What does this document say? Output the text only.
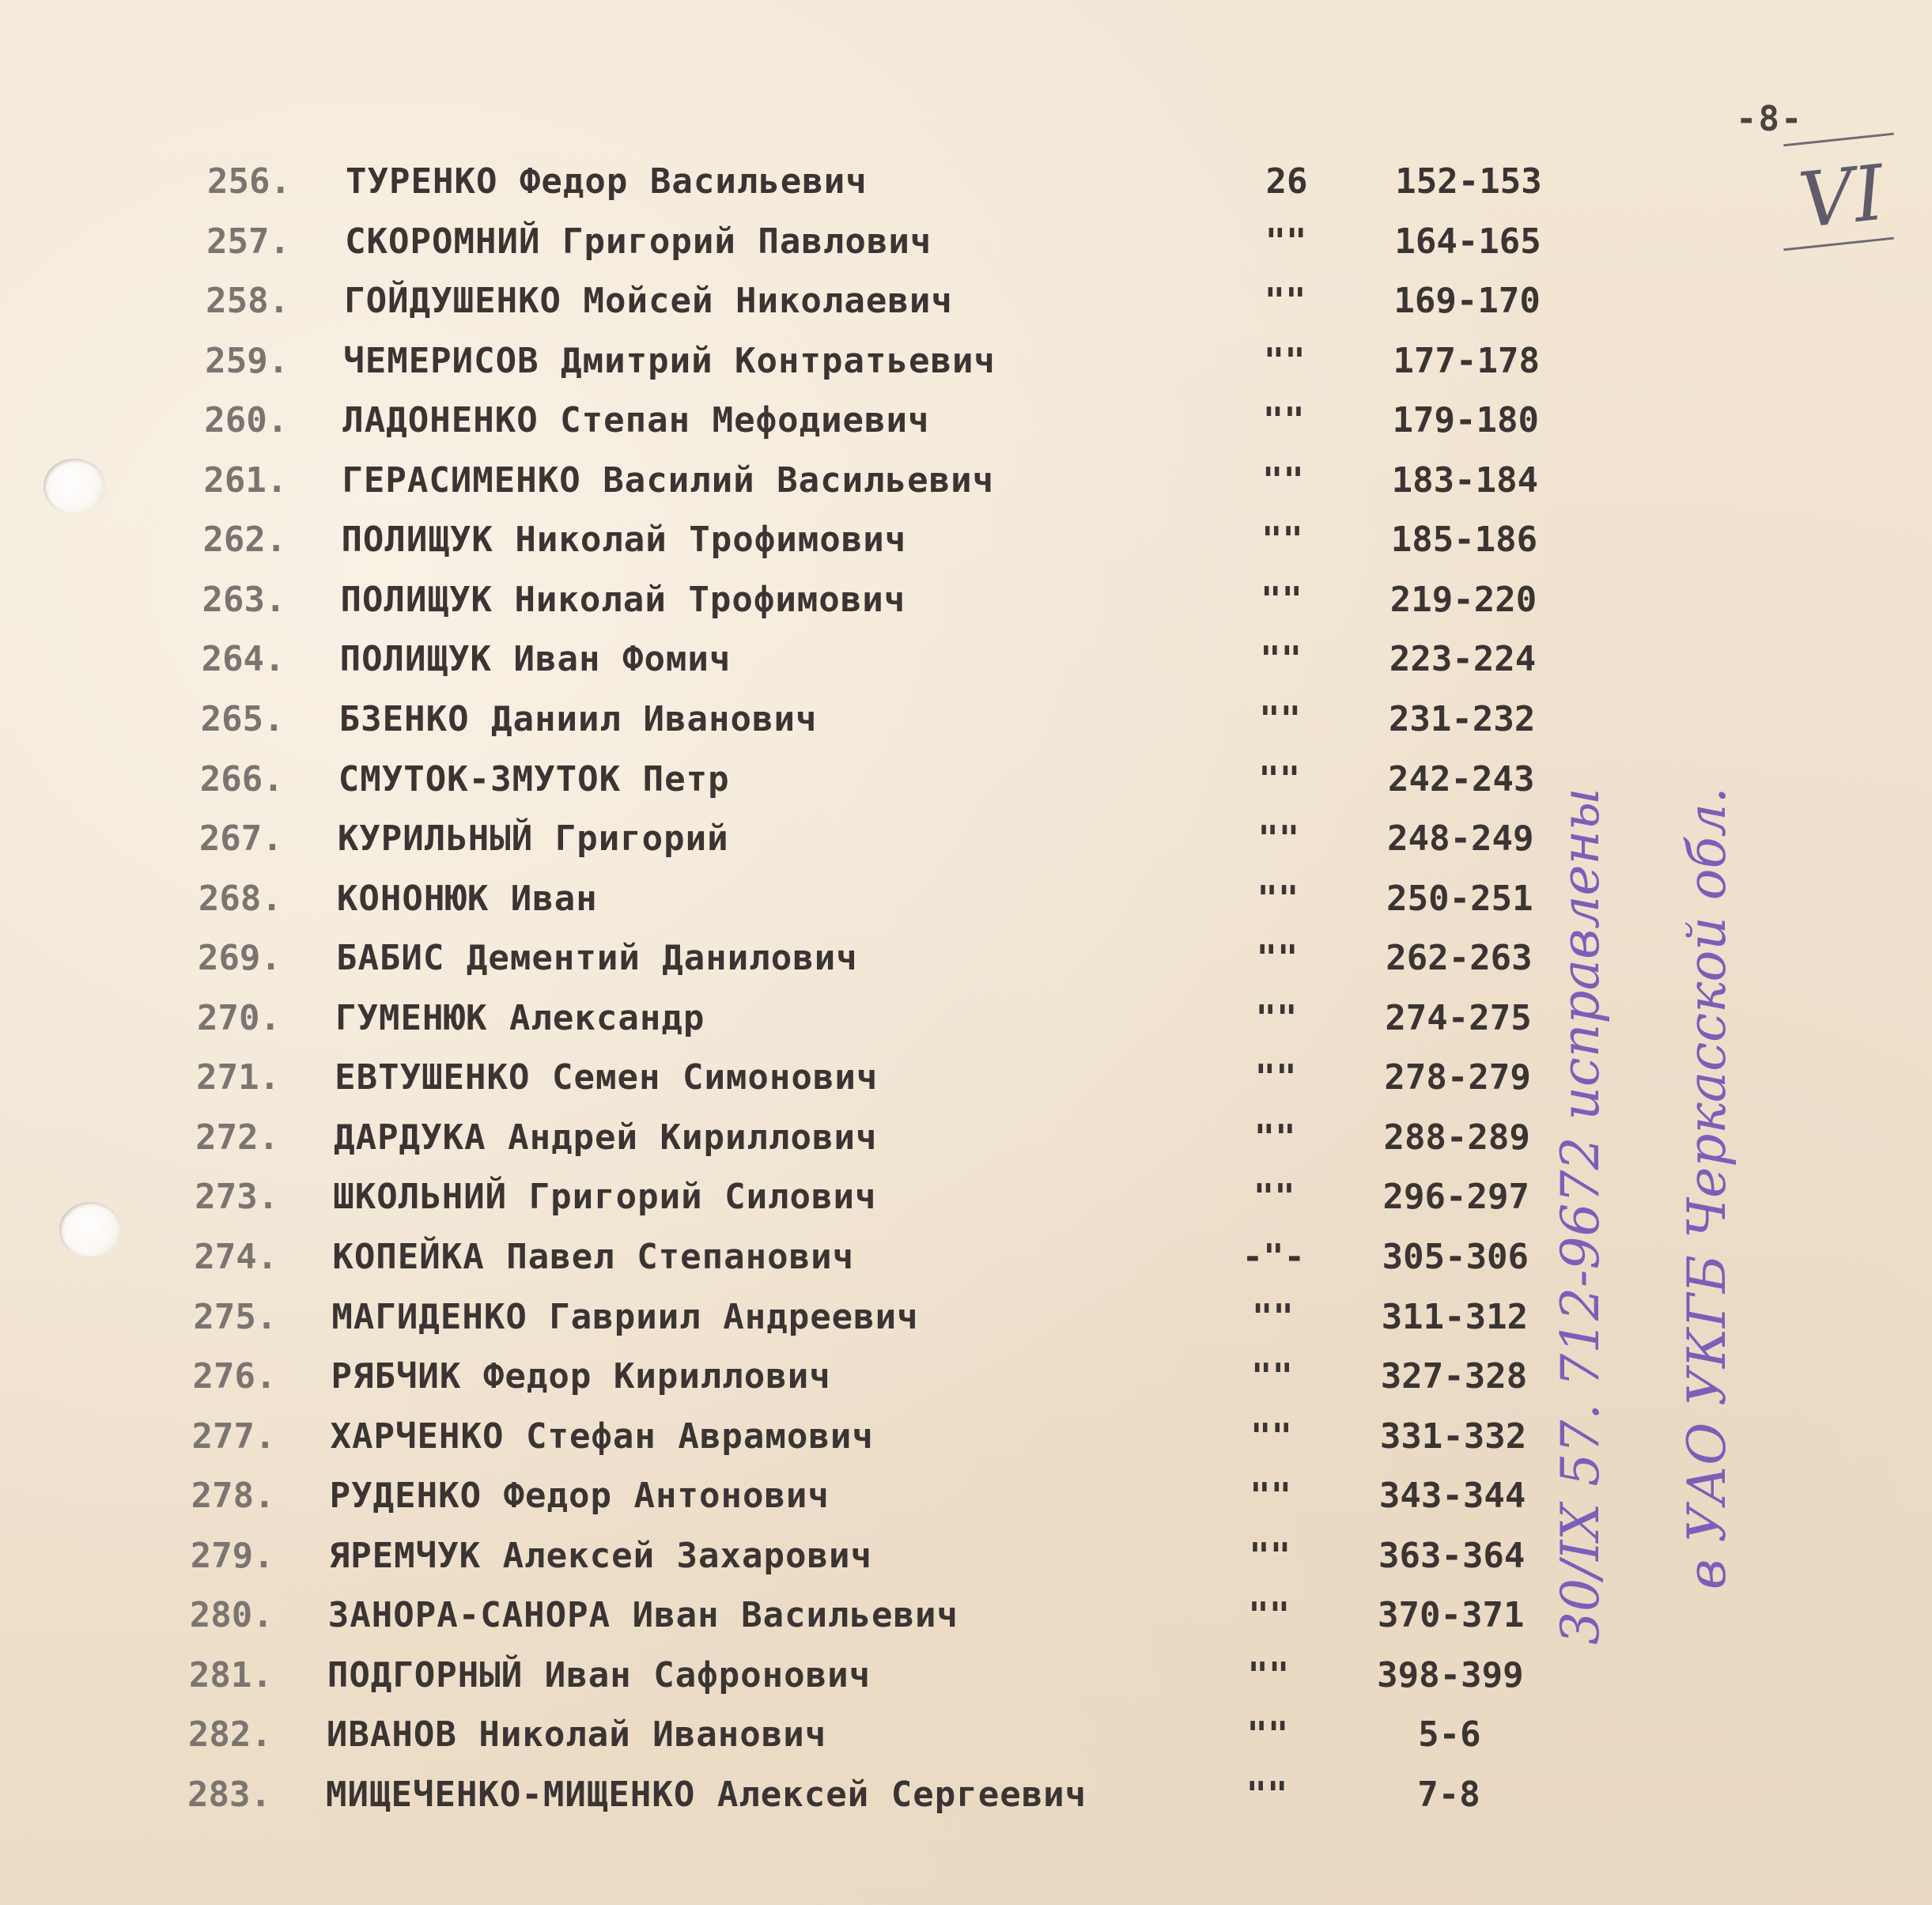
-8-
VI
256.	ТУРЕНКО Федор Васильевич	26	152-153
257.	СКОРОМНИЙ Григорий Павлович	""	164-165
258.	ГОЙДУШЕНКО Мойсей Николаевич	""	169-170
259.	ЧЕМЕРИСОВ Дмитрий Контратьевич	""	177-178
260.	ЛАДОНЕНКО Степан Мефодиевич	""	179-180
261.	ГЕРАСИМЕНКО Василий Васильевич	""	183-184
262.	ПОЛИЩУК Николай Трофимович	""	185-186
263.	ПОЛИЩУК Николай Трофимович	""	219-220
264.	ПОЛИЩУК Иван Фомич	""	223-224
265.	БЗЕНКО Даниил Иванович	""	231-232
266.	СМУТОК-ЗМУТОК Петр	""	242-243
267.	КУРИЛЬНЫЙ Григорий	""	248-249
268.	КОНОНЮК Иван	""	250-251
269.	БАБИС Дементий Данилович	""	262-263
270.	ГУМЕНЮК Александр	""	274-275
271.	ЕВТУШЕНКО Семен Симонович	""	278-279
272.	ДАРДУКА Андрей Кириллович	""	288-289
273.	ШКОЛЬНИЙ Григорий Силович	""	296-297
274.	КОПЕЙКА Павел Степанович	-"-	305-306
275.	МАГИДЕНКО Гавриил Андреевич	""	311-312
276.	РЯБЧИК Федор Кириллович	""	327-328
277.	ХАРЧЕНКО Стефан Аврамович	""	331-332
278.	РУДЕНКО Федор Антонович	""	343-344
279.	ЯРЕМЧУК Алексей Захарович	""	363-364
280.	ЗАНОРА-САНОРА Иван Васильевич	""	370-371
281.	ПОДГОРНЫЙ Иван Сафронович	""	398-399
282.	ИВАНОВ Николай Иванович	""	5-6
283.	МИЩЕЧЕНКО-МИЩЕНКО Алексей Сергеевич	""	7-8
30/IX 57. 712-9672 исправлены в УАО УКГБ Черкасской обл.
